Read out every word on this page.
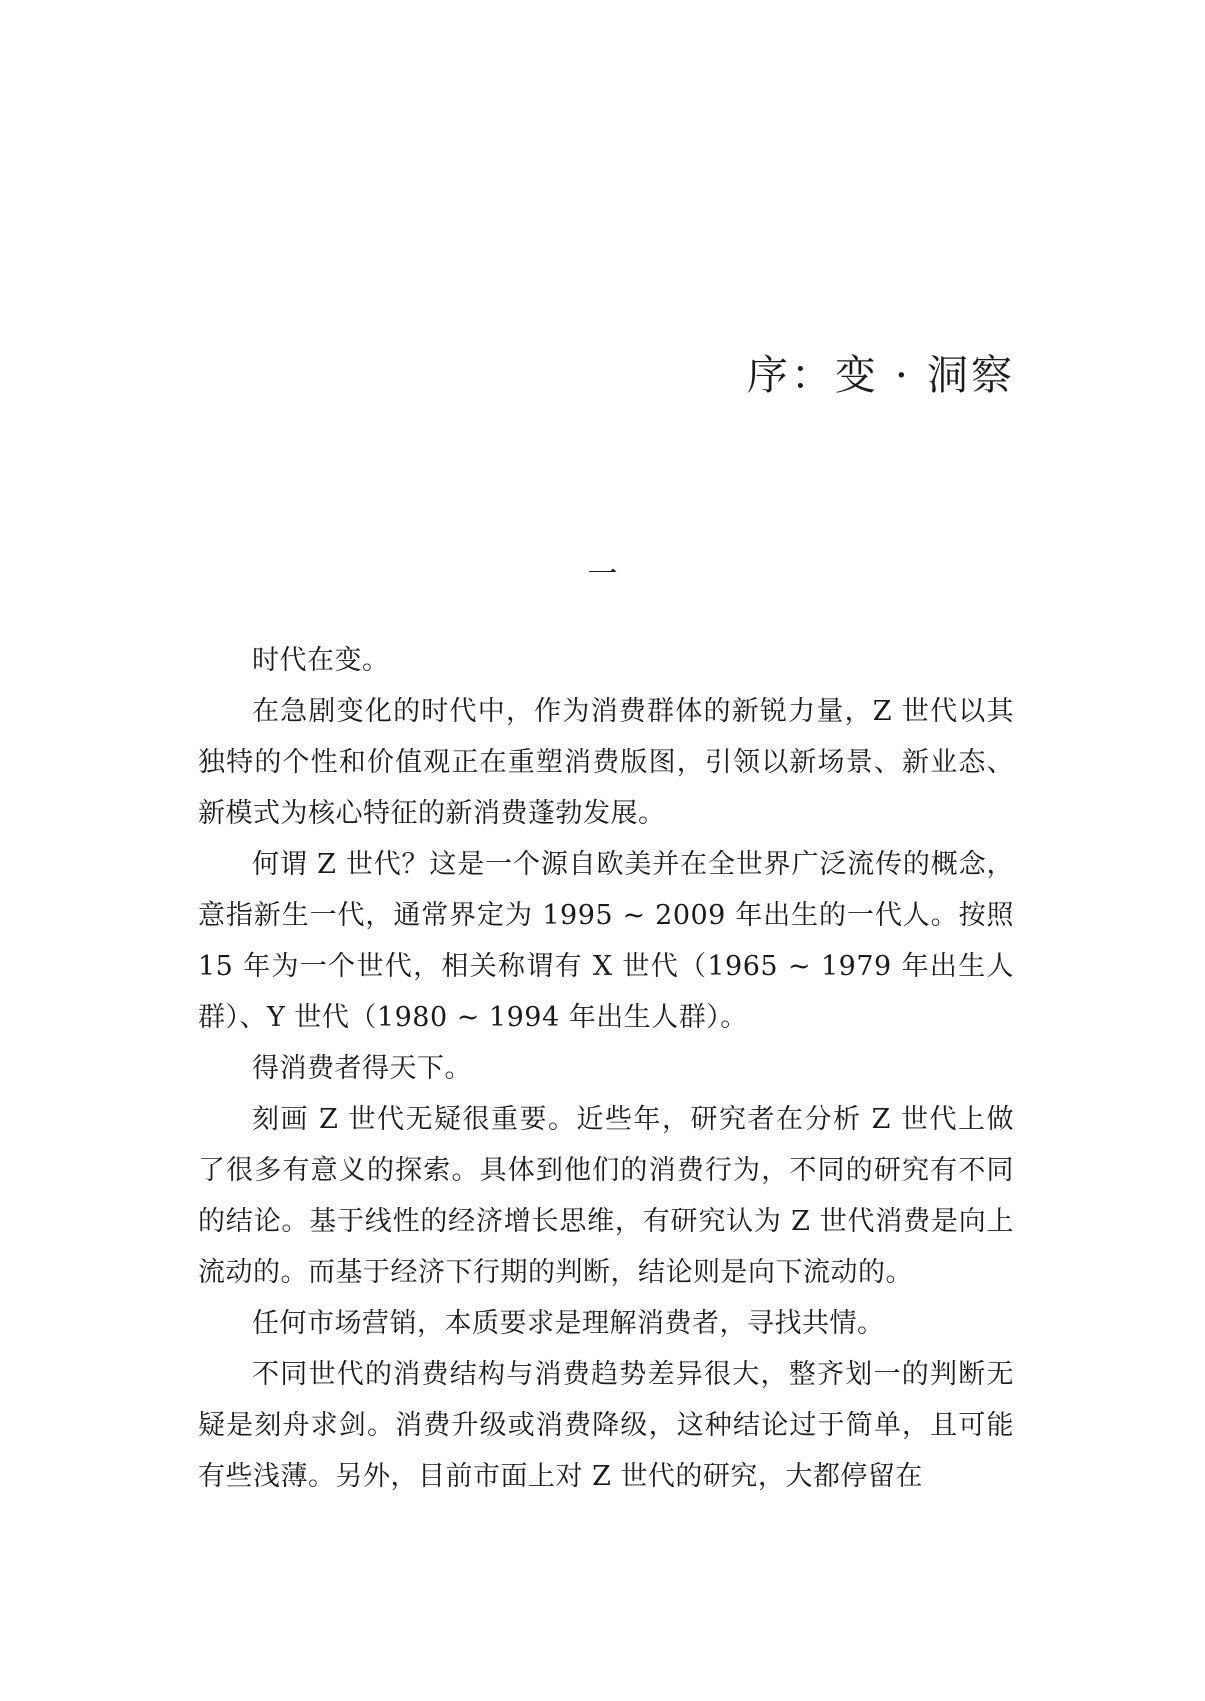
序：变 · 洞察
一

时代在变。

在急剧变化的时代中，作为消费群体的新锐力量，Z 世代以其独特的个性和价值观正在重塑消费版图，引领以新场景、新业态、新模式为核心特征的新消费蓬勃发展。

何谓 Z 世代？这是一个源自欧美并在全世界广泛流传的概念，意指新生一代，通常界定为 1995 ~ 2009 年出生的一代人。按照 15 年为一个世代，相关称谓有 X 世代（1965 ~ 1979 年出生人群）、Y 世代（1980 ~ 1994 年出生人群）。

得消费者得天下。

刻画 Z 世代无疑很重要。近些年，研究者在分析 Z 世代上做了很多有意义的探索。具体到他们的消费行为，不同的研究有不同的结论。基于线性的经济增长思维，有研究认为 Z 世代消费是向上流动的。而基于经济下行期的判断，结论则是向下流动的。

任何市场营销，本质要求是理解消费者，寻找共情。

不同世代的消费结构与消费趋势差异很大，整齐划一的判断无疑是刻舟求剑。消费升级或消费降级，这种结论过于简单，且可能有些浅薄。另外，目前市面上对 Z 世代的研究，大都停留在
